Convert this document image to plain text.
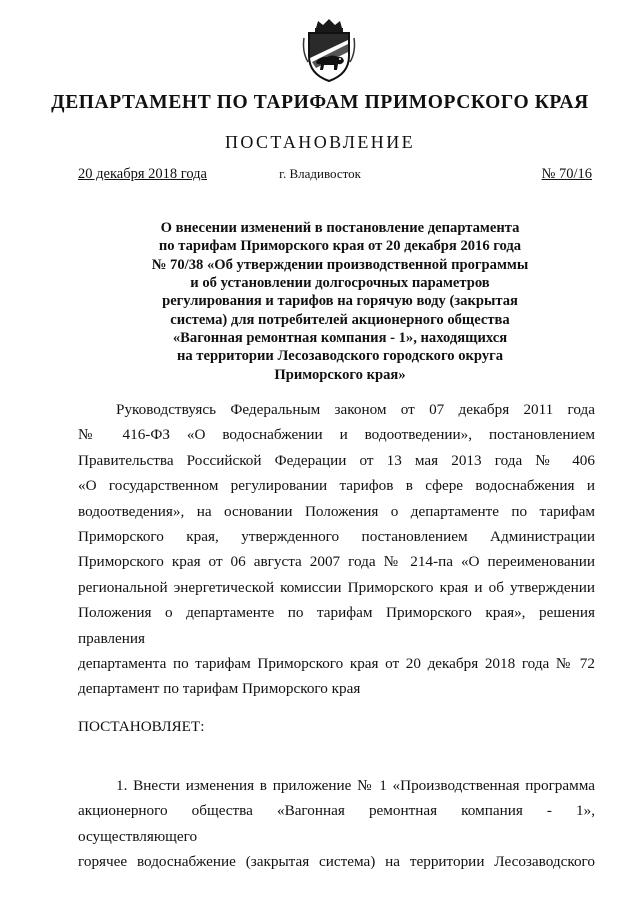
ДЕПАРТАМЕНТ ПО ТАРИФАМ ПРИМОРСКОГО КРАЯ
ПОСТАНОВЛЕНИЕ
20 декабря 2018 года	г. Владивосток	№ 70/16
О внесении изменений в постановление департамента
по тарифам Приморского края от 20 декабря 2016 года
№ 70/38 «Об утверждении производственной программы
и об установлении долгосрочных параметров
регулирования и тарифов на горячую воду (закрытая
система) для потребителей акционерного общества
«Вагонная ремонтная компания - 1», находящихся
на территории Лесозаводского городского округа
Приморского края»
Руководствуясь Федеральным законом от 07 декабря 2011 года
№ 416-ФЗ «О водоснабжении и водоотведении», постановлением
Правительства Российской Федерации от 13 мая 2013 года № 406
«О государственном регулировании тарифов в сфере водоснабжения и
водоотведения», на основании Положения о департаменте по тарифам
Приморского края, утвержденного постановлением Администрации
Приморского края от 06 августа 2007 года № 214-па «О переименовании
региональной энергетической комиссии Приморского края и об утверждении
Положения о департаменте по тарифам Приморского края», решения правления
департамента по тарифам Приморского края от 20 декабря 2018 года № 72
департамент по тарифам Приморского края
ПОСТАНОВЛЯЕТ:
1. Внести изменения в приложение № 1 «Производственная программа
акционерного общества «Вагонная ремонтная компания - 1», осуществляющего
горячее водоснабжение (закрытая система) на территории Лесозаводского
